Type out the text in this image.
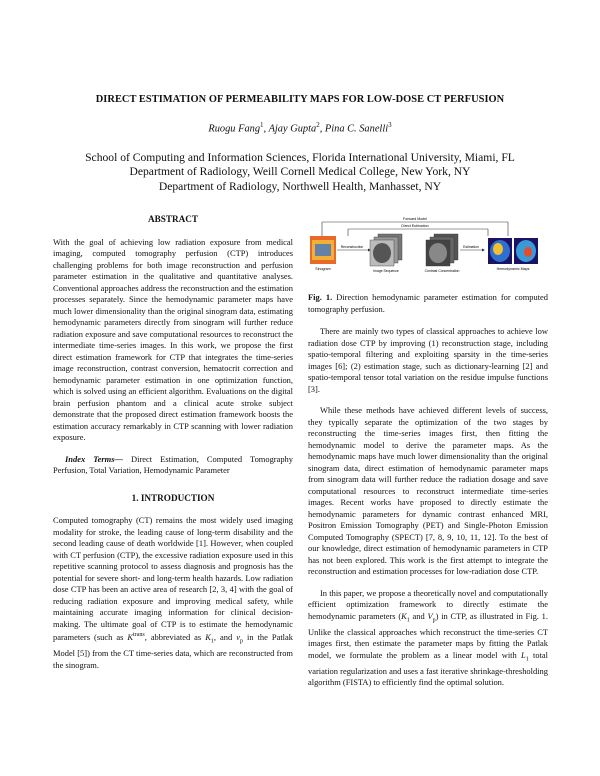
DIRECT ESTIMATION OF PERMEABILITY MAPS FOR LOW-DOSE CT PERFUSION
Ruogu Fang$^1$, Ajay Gupta$^2$, Pina C. Sanelli$^3$
School of Computing and Information Sciences, Florida International University, Miami, FL
Department of Radiology, Weill Cornell Medical College, New York, NY
Department of Radiology, Northwell Health, Manhasset, NY
ABSTRACT

With the goal of achieving low radiation exposure from medical imaging, computed tomography perfusion (CTP) introduces challenging problems for both image reconstruction and perfusion parameter estimation in the qualitative and quantitative analyses. Conventional approaches address the reconstruction and the estimation processes separately. Since the hemodynamic parameter maps have much lower dimensionality than the original sinogram data, estimating hemodynamic parameters directly from sinogram will further reduce radiation exposure and save computational resources to reconstruct the intermediate time-series images. In this work, we propose the first direct estimation framework for CTP that integrates the time-series image reconstruction, contrast conversion, hematocrit correction and hemodynamic parameter estimation in one optimization function, which is solved using an efficient algorithm. Evaluations on the digital brain perfusion phantom and a clinical acute stroke subject demonstrate that the proposed direct estimation framework boosts the estimation accuracy remarkably in CTP scanning with lower radiation exposure.

Index Terms— Direct Estimation, Computed Tomography Perfusion, Total Variation, Hemodynamic Parameter

1. INTRODUCTION

Computed tomography (CT) remains the most widely used imaging modality for stroke, the leading cause of long-term disability and the second leading cause of death worldwide [1]. However, when coupled with CT perfusion (CTP), the excessive radiation exposure used in this repetitive scanning protocol to assess diagnosis and prognosis has the potential for severe short- and long-term health hazards. Low radiation dose CTP has been an active area of research [2, 3, 4] with the goal of reducing radiation exposure and improving medical safety, while maintaining accurate imaging information for clinical decision-making. The ultimate goal of CTP is to estimate the hemodynamic parameters (such as $K^{trans}$, abbreviated as $K_1$, and $v_p$ in the Patlak Model [5]) from the CT time-series data, which are reconstructed from the sinogram.

Forward Model
Direct Estimation
Sinogram
Reconstruction
Image Sequence	Contrast Concentration
Estimation
Hemodynamic Maps
Fig. 1. Direction hemodynamic parameter estimation for computed tomography perfusion.

There are mainly two types of classical approaches to achieve low radiation dose CTP by improving (1) reconstruction stage, including spatio-temporal filtering and exploiting sparsity in the time-series images [6]; (2) estimation stage, such as dictionary-learning [2] and spatio-temporal tensor total variation on the residue impulse functions [3].

While these methods have achieved different levels of success, they typically separate the optimization of the two stages by reconstructing the time-series images first, then fitting the hemodynamic model to derive the parameter maps. As the hemodynamic maps have much lower dimensionality than the original sinogram data, direct estimation of hemodynamic parameter maps from sinogram data will further reduce the radiation dosage and save computational resources to reconstruct intermediate time-series images. Recent works have proposed to directly estimate the hemodynamic parameters for dynamic contrast enhanced MRI, Positron Emission Tomography (PET) and Single-Photon Emission Computed Tomography (SPECT) [7, 8, 9, 10, 11, 12]. To the best of our knowledge, direct estimation of hemodynamic parameters in CTP has not been explored. This work is the first attempt to integrate the reconstruction and estimation processes for low-radiation dose CTP.

In this paper, we propose a theoretically novel and computationally efficient optimization framework to directly estimate the hemodynamic parameters ($K_1$ and $V_p$) in CTP, as illustrated in Fig. 1. Unlike the classical approaches which reconstruct the time-series CT images first, then estimate the parameter maps by fitting the Patlak model, we formulate the problem as a linear model with $L_1$ total variation regularization and uses a fast iterative shrinkage-thresholding algorithm (FISTA) to efficiently find the optimal solution.
